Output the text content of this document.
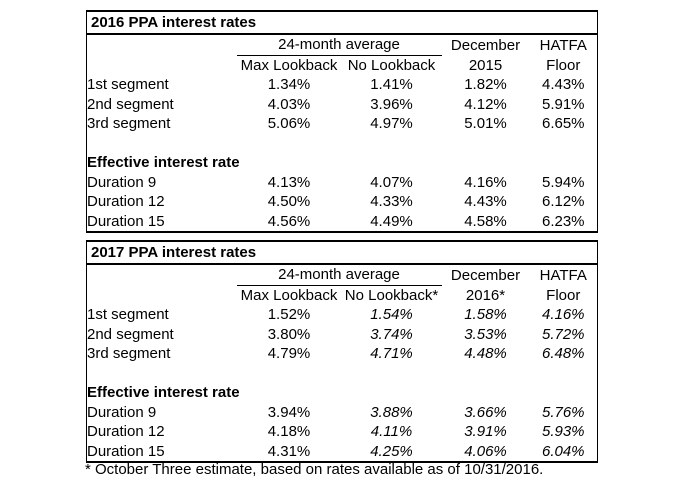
2016 PPA interest rates				
	24-month average		December	HATFA
	Max Lookback	No Lookback	2015	Floor
1st segment	1.34%	1.41%	1.82%	4.43%
2nd segment	4.03%	3.96%	4.12%	5.91%
3rd segment	5.06%	4.97%	5.01%	6.65%

Effective interest rate				
Duration 9	4.13%	4.07%	4.16%	5.94%
Duration 12	4.50%	4.33%	4.43%	6.12%
Duration 15	4.56%	4.49%	4.58%	6.23%
2017 PPA interest rates				
	24-month average		December	HATFA
	Max Lookback	No Lookback*	2016*	Floor
1st segment	1.52%	1.54%	1.58%	4.16%
2nd segment	3.80%	3.74%	3.53%	5.72%
3rd segment	4.79%	4.71%	4.48%	6.48%

Effective interest rate				
Duration 9	3.94%	3.88%	3.66%	5.76%
Duration 12	4.18%	4.11%	3.91%	5.93%
Duration 15	4.31%	4.25%	4.06%	6.04%
* October Three estimate, based on rates available as of 10/31/2016.
